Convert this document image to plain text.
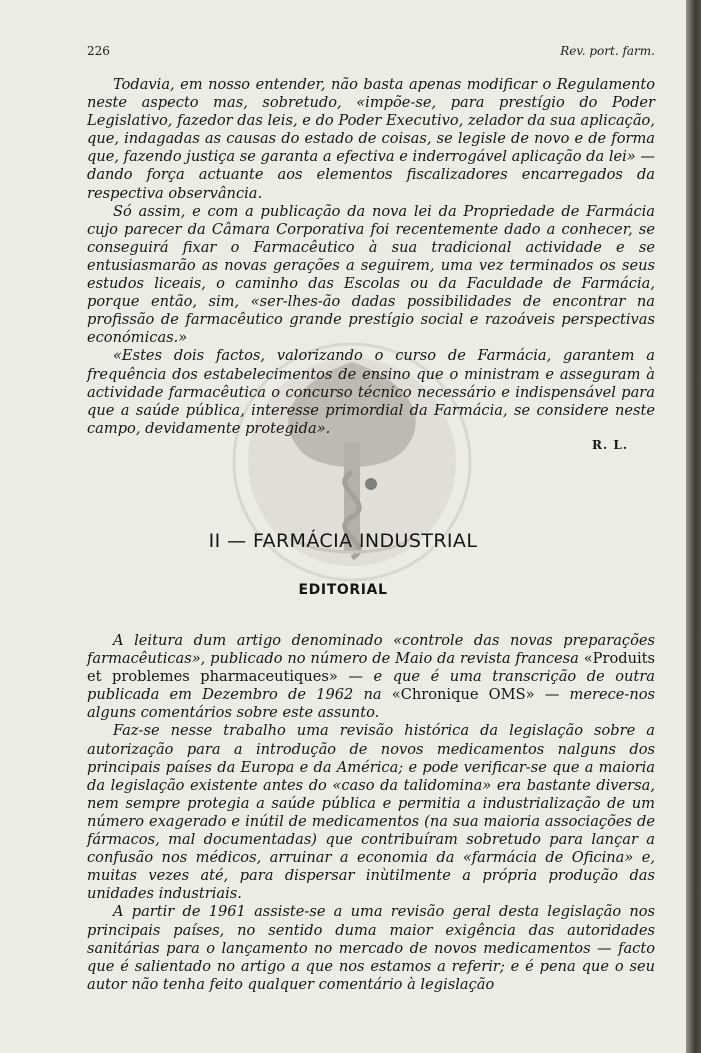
226	Rev. port. farm.

Todavia, em nosso entender, não basta apenas modificar o Regulamento neste aspecto mas, sobretudo, «impõe-se, para prestígio do Poder Legislativo, fazedor das leis, e do Poder Executivo, zelador da sua aplicação, que, indagadas as causas do estado de coisas, se legisle de novo e de forma que, fazendo justiça se garanta a efectiva e inderrogável aplicação da lei» — dando força actuante aos elementos fiscalizadores encarregados da respectiva observância.

Só assim, e com a publicação da nova lei da Propriedade de Farmácia cujo parecer da Câmara Corporativa foi recentemente dado a conhecer, se conseguirá fixar o Farmacêutico à sua tradicional actividade e se entusiasmarão as novas gerações a seguirem, uma vez terminados os seus estudos liceais, o caminho das Escolas ou da Faculdade de Farmácia, porque então, sim, «ser-lhes-ão dadas possibilidades de encontrar na profissão de farmacêutico grande prestígio social e razoáveis perspectivas económicas.»

«Estes dois factos, valorizando o curso de Farmácia, garantem a frequência dos estabelecimentos de ensino que o ministram e asseguram à actividade farmacêutica o concurso técnico necessário e indispensável para que a saúde pública, interesse primordial da Farmácia, se considere neste campo, devidamente protegida».

R. L.
II — FARMÁCIA INDUSTRIAL
EDITORIAL

A leitura dum artigo denominado «controle das novas preparações farmacêuticas», publicado no número de Maio da revista francesa «Produits et problemes pharmaceutiques» — e que é uma transcrição de outra publicada em Dezembro de 1962 na «Chronique OMS» — merece-nos alguns comentários sobre este assunto.

Faz-se nesse trabalho uma revisão histórica da legislação sobre a autorização para a introdução de novos medicamentos nalguns dos principais países da Europa e da América; e pode verificar-se que a maioria da legislação existente antes do «caso da talidomina» era bastante diversa, nem sempre protegia a saúde pública e permitia a industrialização de um número exagerado e inútil de medicamentos (na sua maioria associações de fármacos, mal documentadas) que contribuíram sobretudo para lançar a confusão nos médicos, arruinar a economia da «farmácia de Oficina» e, muitas vezes até, para dispersar inùtilmente a própria produção das unidades industriais.

A partir de 1961 assiste-se a uma revisão geral desta legislação nos principais países, no sentido duma maior exigência das autoridades sanitárias para o lançamento no mercado de novos medicamentos — facto que é salientado no artigo a que nos estamos a referir; e é pena que o seu autor não tenha feito qualquer comentário à legislação
